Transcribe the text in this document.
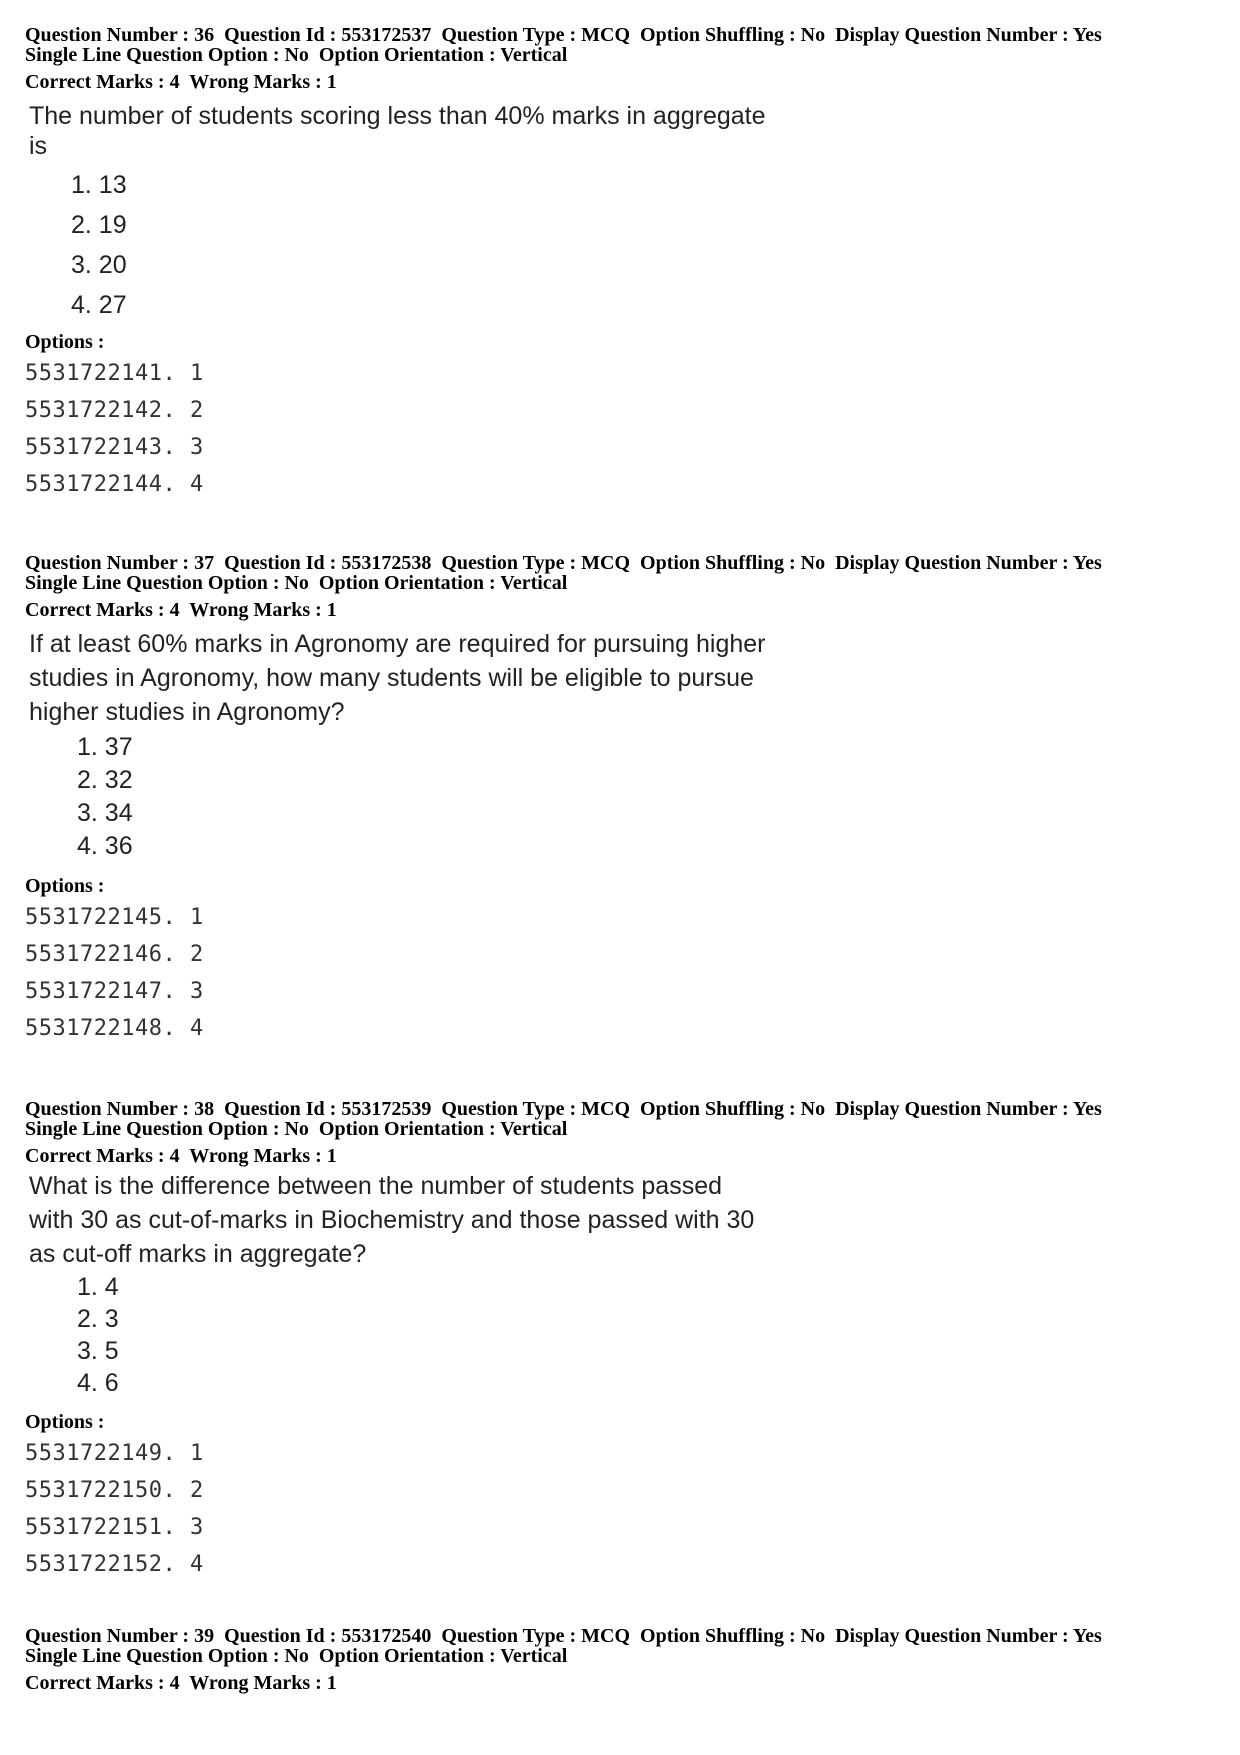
Question Number : 36  Question Id : 553172537  Question Type : MCQ  Option Shuffling : No  Display Question Number : Yes
Single Line Question Option : No  Option Orientation : Vertical
Correct Marks : 4  Wrong Marks : 1
The number of students scoring less than 40% marks in aggregate
is
1. 13
2. 19
3. 20
4. 27
Options :
5531722141. 1
5531722142. 2
5531722143. 3
5531722144. 4
Question Number : 37  Question Id : 553172538  Question Type : MCQ  Option Shuffling : No  Display Question Number : Yes
Single Line Question Option : No  Option Orientation : Vertical
Correct Marks : 4  Wrong Marks : 1
If at least 60% marks in Agronomy are required for pursuing higher
studies in Agronomy, how many students will be eligible to pursue
higher studies in Agronomy?
1. 37
2. 32
3. 34
4. 36
Options :
5531722145. 1
5531722146. 2
5531722147. 3
5531722148. 4
Question Number : 38  Question Id : 553172539  Question Type : MCQ  Option Shuffling : No  Display Question Number : Yes
Single Line Question Option : No  Option Orientation : Vertical
Correct Marks : 4  Wrong Marks : 1
What is the difference between the number of students passed
with 30 as cut-of-marks in Biochemistry and those passed with 30
as cut-off marks in aggregate?
1. 4
2. 3
3. 5
4. 6
Options :
5531722149. 1
5531722150. 2
5531722151. 3
5531722152. 4
Question Number : 39  Question Id : 553172540  Question Type : MCQ  Option Shuffling : No  Display Question Number : Yes
Single Line Question Option : No  Option Orientation : Vertical
Correct Marks : 4  Wrong Marks : 1
